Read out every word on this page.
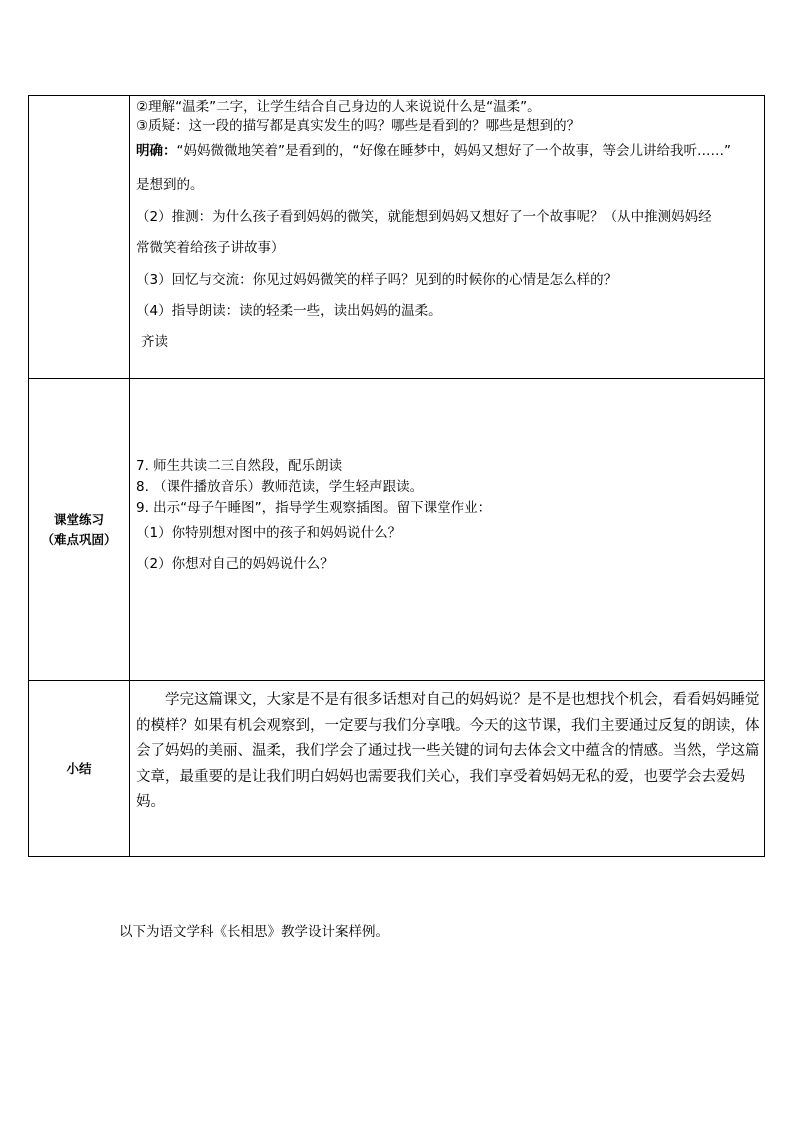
②理解“温柔”二字，让学生结合自己身边的人来说说什么是“温柔”。
③质疑：这一段的描写都是真实发生的吗？哪些是看到的？哪些是想到的？
明确：“妈妈微微地笑着”是看到的，“好像在睡梦中，妈妈又想好了一个故事，等会儿讲给我听……”
是想到的。
（2）推测：为什么孩子看到妈妈的微笑，就能想到妈妈又想好了一个故事呢？（从中推测妈妈经
常微笑着给孩子讲故事）
（3）回忆与交流：你见过妈妈微笑的样子吗？见到的时候你的心情是怎么样的？
（4）指导朗读：读的轻柔一些，读出妈妈的温柔。
齐读
课堂练习
（难点巩固）
7. 师生共读二三自然段，配乐朗读
8. （课件播放音乐）教师范读，学生轻声跟读。
9. 出示“母子午睡图”，指导学生观察插图。留下课堂作业：
（1）你特别想对图中的孩子和妈妈说什么？
（2）你想对自己的妈妈说什么？
小结
学完这篇课文，大家是不是有很多话想对自己的妈妈说？是不是也想找个机会，看看妈妈睡觉的模样？如果有机会观察到，一定要与我们分享哦。今天的这节课，我们主要通过反复的朗读，体会了妈妈的美丽、温柔，我们学会了通过找一些关键的词句去体会文中蕴含的情感。当然，学这篇文章，最重要的是让我们明白妈妈也需要我们关心，我们享受着妈妈无私的爱，也要学会去爱妈妈。
以下为语文学科《长相思》教学设计案样例。
